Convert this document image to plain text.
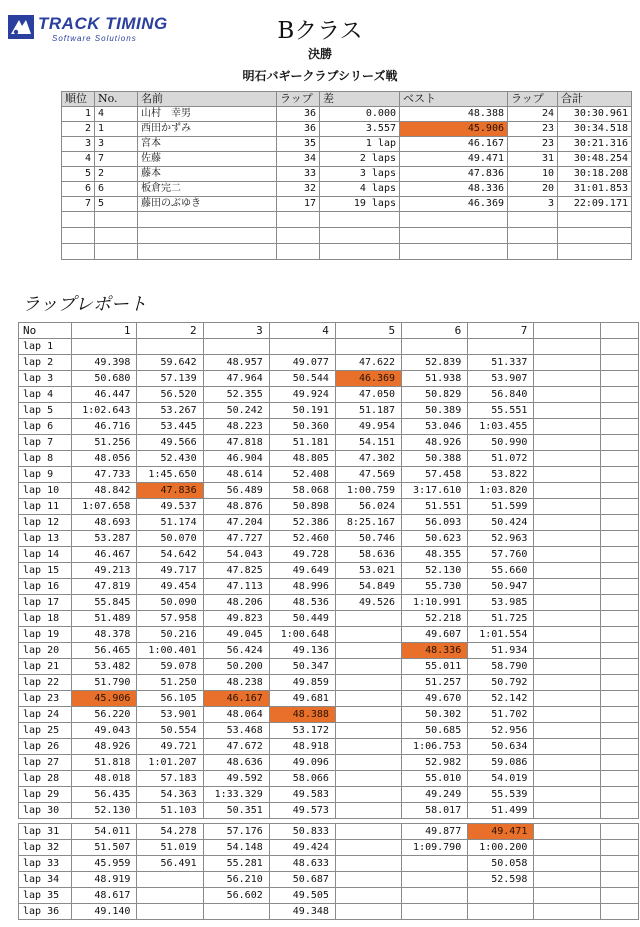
TRACK TIMING
Software Solutions	Bクラス
決勝
明石バギークラブシリーズ戦
順位	No.	名前	ラップ	差	ベスト	ラップ	合計
1	4	山村　幸男	36	0.000	48.388	24	30:30.961
2	1	西田かずみ	36	3.557	45.906	23	30:34.518
3	3	宮本	35	1 lap	46.167	23	30:21.316
4	7	佐藤	34	2 laps	49.471	31	30:48.254
5	2	藤本	33	3 laps	47.836	10	30:18.208
6	6	板倉完二	32	4 laps	48.336	20	31:01.853
7	5	藤田のぶゆき	17	19 laps	46.369	3	22:09.171

ラップレポート
No	1	2	3	4	5	6	7		
lap 1									
lap 2	49.398	59.642	48.957	49.077	47.622	52.839	51.337		
lap 3	50.680	57.139	47.964	50.544	46.369	51.938	53.907		
lap 4	46.447	56.520	52.355	49.924	47.050	50.829	56.840		
lap 5	1:02.643	53.267	50.242	50.191	51.187	50.389	55.551		
lap 6	46.716	53.445	48.223	50.360	49.954	53.046	1:03.455		
lap 7	51.256	49.566	47.818	51.181	54.151	48.926	50.990		
lap 8	48.056	52.430	46.904	48.805	47.302	50.388	51.072		
lap 9	47.733	1:45.650	48.614	52.408	47.569	57.458	53.822		
lap 10	48.842	47.836	56.489	58.068	1:00.759	3:17.610	1:03.820		
lap 11	1:07.658	49.537	48.876	50.898	56.024	51.551	51.599		
lap 12	48.693	51.174	47.204	52.386	8:25.167	56.093	50.424		
lap 13	53.287	50.070	47.727	52.460	50.746	50.623	52.963		
lap 14	46.467	54.642	54.043	49.728	58.636	48.355	57.760		
lap 15	49.213	49.717	47.825	49.649	53.021	52.130	55.660		
lap 16	47.819	49.454	47.113	48.996	54.849	55.730	50.947		
lap 17	55.845	50.090	48.206	48.536	49.526	1:10.991	53.985		
lap 18	51.489	57.958	49.823	50.449		52.218	51.725		
lap 19	48.378	50.216	49.045	1:00.648		49.607	1:01.554		
lap 20	56.465	1:00.401	56.424	49.136		48.336	51.934		
lap 21	53.482	59.078	50.200	50.347		55.011	58.790		
lap 22	51.790	51.250	48.238	49.859		51.257	50.792		
lap 23	45.906	56.105	46.167	49.681		49.670	52.142		
lap 24	56.220	53.901	48.064	48.388		50.302	51.702		
lap 25	49.043	50.554	53.468	53.172		50.685	52.956		
lap 26	48.926	49.721	47.672	48.918		1:06.753	50.634		
lap 27	51.818	1:01.207	48.636	49.096		52.982	59.086		
lap 28	48.018	57.183	49.592	58.066		55.010	54.019		
lap 29	56.435	54.363	1:33.329	49.583		49.249	55.539		
lap 30	52.130	51.103	50.351	49.573		58.017	51.499		
lap 31	54.011	54.278	57.176	50.833		49.877	49.471		
lap 32	51.507	51.019	54.148	49.424		1:09.790	1:00.200		
lap 33	45.959	56.491	55.281	48.633			50.058		
lap 34	48.919		56.210	50.687			52.598		
lap 35	48.617		56.602	49.505					
lap 36	49.140			49.348					
